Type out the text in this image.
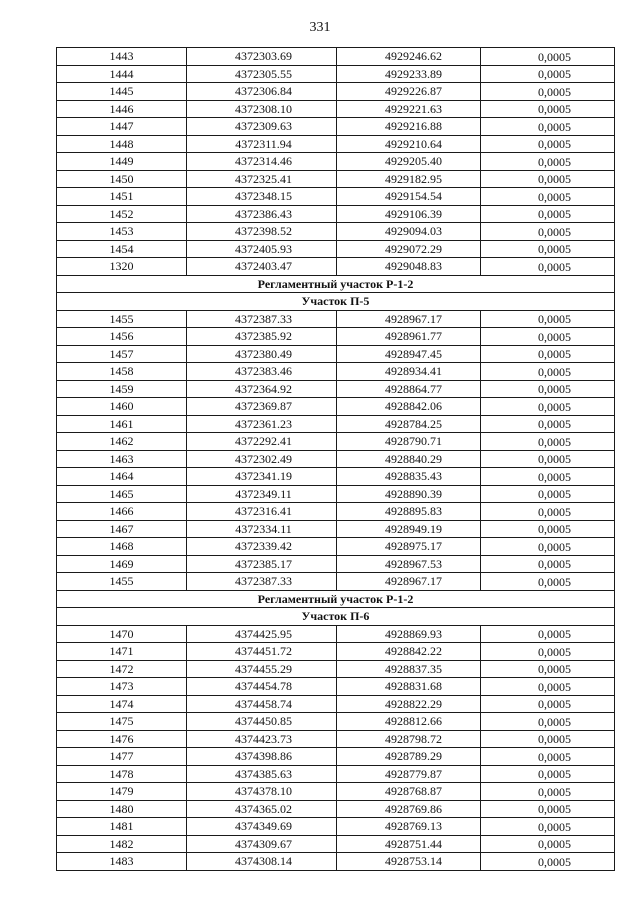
331
1443	4372303.69	4929246.62	0,0005
1444	4372305.55	4929233.89	0,0005
1445	4372306.84	4929226.87	0,0005
1446	4372308.10	4929221.63	0,0005
1447	4372309.63	4929216.88	0,0005
1448	4372311.94	4929210.64	0,0005
1449	4372314.46	4929205.40	0,0005
1450	4372325.41	4929182.95	0,0005
1451	4372348.15	4929154.54	0,0005
1452	4372386.43	4929106.39	0,0005
1453	4372398.52	4929094.03	0,0005
1454	4372405.93	4929072.29	0,0005
1320	4372403.47	4929048.83	0,0005
Регламентный участок Р-1-2			
Участок П-5			
1455	4372387.33	4928967.17	0,0005
1456	4372385.92	4928961.77	0,0005
1457	4372380.49	4928947.45	0,0005
1458	4372383.46	4928934.41	0,0005
1459	4372364.92	4928864.77	0,0005
1460	4372369.87	4928842.06	0,0005
1461	4372361.23	4928784.25	0,0005
1462	4372292.41	4928790.71	0,0005
1463	4372302.49	4928840.29	0,0005
1464	4372341.19	4928835.43	0,0005
1465	4372349.11	4928890.39	0,0005
1466	4372316.41	4928895.83	0,0005
1467	4372334.11	4928949.19	0,0005
1468	4372339.42	4928975.17	0,0005
1469	4372385.17	4928967.53	0,0005
1455	4372387.33	4928967.17	0,0005
Регламентный участок Р-1-2			
Участок П-6			
1470	4374425.95	4928869.93	0,0005
1471	4374451.72	4928842.22	0,0005
1472	4374455.29	4928837.35	0,0005
1473	4374454.78	4928831.68	0,0005
1474	4374458.74	4928822.29	0,0005
1475	4374450.85	4928812.66	0,0005
1476	4374423.73	4928798.72	0,0005
1477	4374398.86	4928789.29	0,0005
1478	4374385.63	4928779.87	0,0005
1479	4374378.10	4928768.87	0,0005
1480	4374365.02	4928769.86	0,0005
1481	4374349.69	4928769.13	0,0005
1482	4374309.67	4928751.44	0,0005
1483	4374308.14	4928753.14	0,0005
